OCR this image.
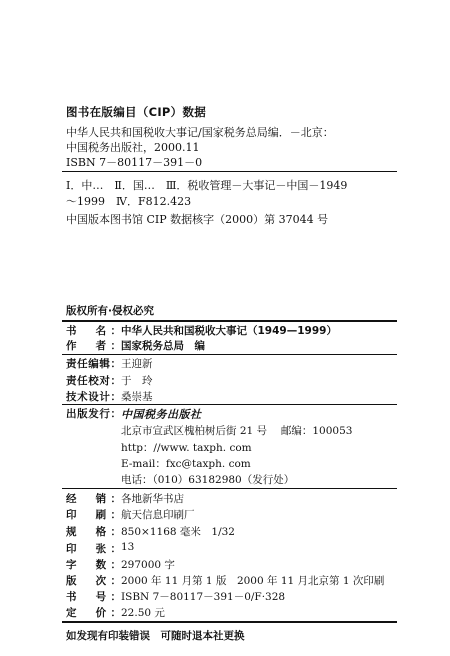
图书在版编目（CIP）数据
中华人民共和国税收大事记/国家税务总局编．－北京：
中国税务出版社，2000.11
ISBN 7－80117－391－0
Ⅰ．中…　Ⅱ．国…　Ⅲ．税收管理－大事记－中国－1949
～1999　Ⅳ．F812.423
中国版本图书馆 CIP 数据核字（2000）第 37044 号
版权所有·侵权必究
书　名： 中华人民共和国税收大事记（1949—1999）
作　者： 国家税务总局　编
责任编辑： 王迎新
责任校对： 于　玲
技术设计： 桑崇基
出版发行： 中国税务出版社
北京市宣武区槐柏树后街 21 号　 邮编：100053
http：//www. taxph. com
E-mail：fxc@taxph. com
电话：（010）63182980（发行处）
经　销： 各地新华书店
印　刷： 航天信息印刷厂
规　格： 850×1168 毫米　1/32
印　张： 13
字　数： 297000 字
版　次： 2000 年 11 月第 1 版　2000 年 11 月北京第 1 次印刷
书　号： ISBN 7－80117－391－0/F·328
定　价： 22.50 元
如发现有印装错误　可随时退本社更换
